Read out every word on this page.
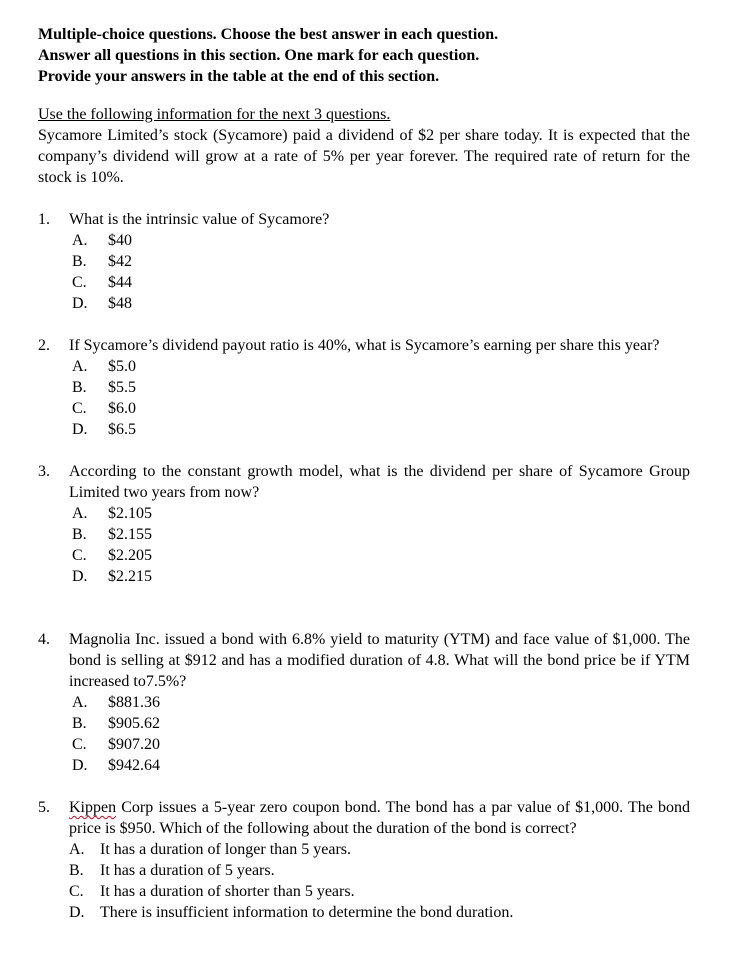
Multiple-choice questions. Choose the best answer in each question.
Answer all questions in this section. One mark for each question.
Provide your answers in the table at the end of this section.
Use the following information for the next 3 questions.
Sycamore Limited’s stock (Sycamore) paid a dividend of $2 per share today. It is expected that the company’s dividend will grow at a rate of 5% per year forever. The required rate of return for the stock is 10%.
1. What is the intrinsic value of Sycamore?
A. $40
B. $42
C. $44
D. $48
2. If Sycamore’s dividend payout ratio is 40%, what is Sycamore’s earning per share this year?
A. $5.0
B. $5.5
C. $6.0
D. $6.5
3. According to the constant growth model, what is the dividend per share of Sycamore Group Limited two years from now?
A. $2.105
B. $2.155
C. $2.205
D. $2.215
4. Magnolia Inc. issued a bond with 6.8% yield to maturity (YTM) and face value of $1,000. The bond is selling at $912 and has a modified duration of 4.8. What will the bond price be if YTM increased to7.5%?
A. $881.36
B. $905.62
C. $907.20
D. $942.64
5. Kippen Corp issues a 5-year zero coupon bond. The bond has a par value of $1,000. The bond price is $950. Which of the following about the duration of the bond is correct?
A. It has a duration of longer than 5 years.
B. It has a duration of 5 years.
C. It has a duration of shorter than 5 years.
D. There is insufficient information to determine the bond duration.
